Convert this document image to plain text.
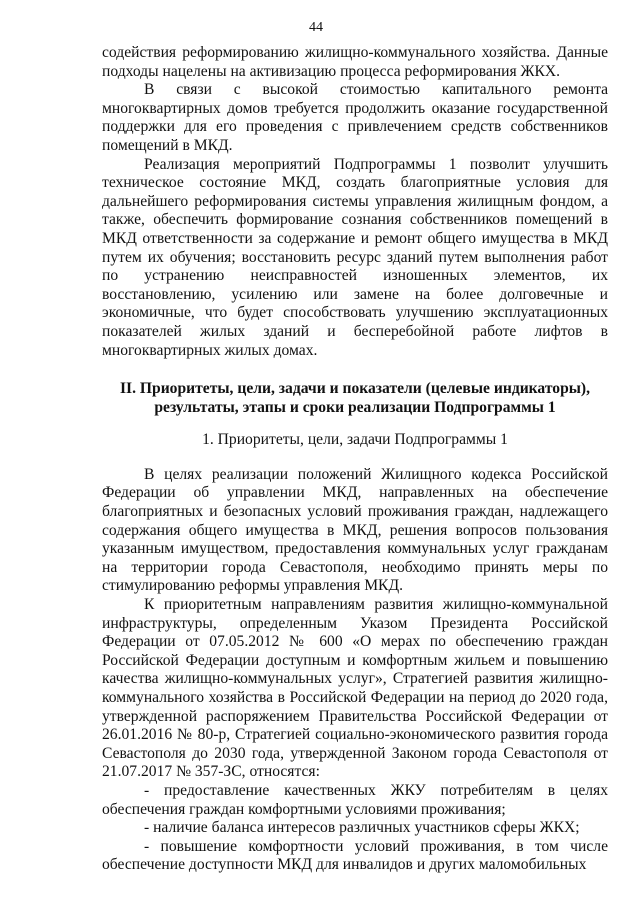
44

содействия реформированию жилищно-коммунального хозяйства. Данные подходы нацелены на активизацию процесса реформирования ЖКХ.

В связи с высокой стоимостью капитального ремонта многоквартирных домов требуется продолжить оказание государственной поддержки для его проведения с привлечением средств собственников помещений в МКД.

Реализация мероприятий Подпрограммы 1 позволит улучшить техническое состояние МКД, создать благоприятные условия для дальнейшего реформирования системы управления жилищным фондом, а также, обеспечить формирование сознания собственников помещений в МКД ответственности за содержание и ремонт общего имущества в МКД путем их обучения; восстановить ресурс зданий путем выполнения работ по устранению неисправностей изношенных элементов, их восстановлению, усилению или замене на более долговечные и экономичные, что будет способствовать улучшению эксплуатационных показателей жилых зданий и бесперебойной работе лифтов в многоквартирных жилых домах.

II. Приоритеты, цели, задачи и показатели (целевые индикаторы),
результаты, этапы и сроки реализации Подпрограммы 1
1. Приоритеты, цели, задачи Подпрограммы 1

В целях реализации положений Жилищного кодекса Российской Федерации об управлении МКД, направленных на обеспечение благоприятных и безопасных условий проживания граждан, надлежащего содержания общего имущества в МКД, решения вопросов пользования указанным имуществом, предоставления коммунальных услуг гражданам на территории города Севастополя, необходимо принять меры по стимулированию реформы управления МКД.

К приоритетным направлениям развития жилищно-коммунальной инфраструктуры, определенным Указом Президента Российской Федерации от 07.05.2012 № 600 «О мерах по обеспечению граждан Российской Федерации доступным и комфортным жильем и повышению качества жилищно-коммунальных услуг», Стратегией развития жилищно-коммунального хозяйства в Российской Федерации на период до 2020 года, утвержденной распоряжением Правительства Российской Федерации от 26.01.2016 № 80-р, Стратегией социально-экономического развития города Севастополя до 2030 года, утвержденной Законом города Севастополя от 21.07.2017 № 357-ЗС, относятся:

- предоставление качественных ЖКУ потребителям в целях обеспечения граждан комфортными условиями проживания;

- наличие баланса интересов различных участников сферы ЖКХ;

- повышение комфортности условий проживания, в том числе обеспечение доступности МКД для инвалидов и других маломобильных
